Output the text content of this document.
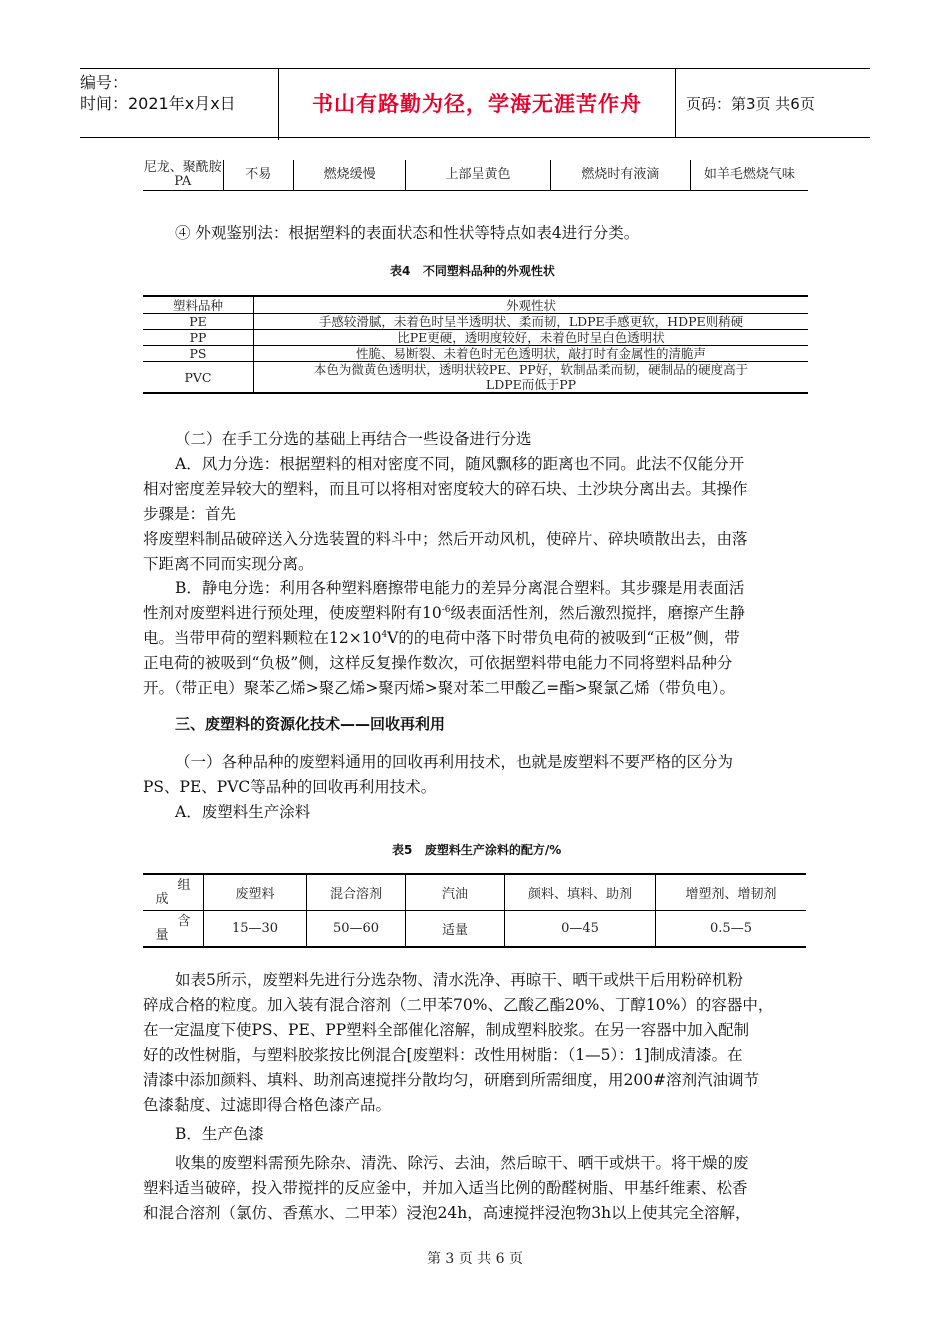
编号：
时间：2021年x月x日	书山有路勤为径，学海无涯苦作舟	页码：第3页 共6页
尼龙、聚酰胺PA	不易	燃烧缓慢	上部呈黄色	燃烧时有液滴	如羊毛燃烧气味
④ 外观鉴别法：根据塑料的表面状态和性状等特点如表4进行分类。
表4 不同塑料品种的外观性状
塑料品种	外观性状
PE	手感较滑腻，未着色时呈半透明状、柔而韧，LDPE手感更软，HDPE则稍硬
PP	比PE更硬，透明度较好，未着色时呈白色透明状
PS	性脆、易断裂、未着色时无色透明状，敲打时有金属性的清脆声
PVC	本色为微黄色透明状，透明状较PE、PP好，软制品柔而韧，硬制品的硬度高于
LDPE而低于PP
（二）在手工分选的基础上再结合一些设备进行分选
A．风力分选：根据塑料的相对密度不同，随风飘移的距离也不同。此法不仅能分开
相对密度差异较大的塑料，而且可以将相对密度较大的碎石块、土沙块分离出去。其操作
步骤是：首先
将废塑料制品破碎送入分选装置的料斗中；然后开动风机，使碎片、碎块喷散出去，由落
下距离不同而实现分离。
B．静电分选：利用各种塑料磨擦带电能力的差异分离混合塑料。其步骤是用表面活
性剂对废塑料进行预处理，使废塑料附有$10^{-6}$级表面活性剂，然后激烈搅拌，磨擦产生静
电。当带甲荷的塑料颗粒在$12\times 10^4V$的的电荷中落下时带负电荷的被吸到“正极”侧，带
正电荷的被吸到“负极”侧，这样反复操作数次，可依据塑料带电能力不同将塑料品种分
开。（带正电）聚苯乙烯>聚乙烯>聚丙烯>聚对苯二甲酸乙=酯>聚氯乙烯（带负电）。
三、废塑料的资源化技术——回收再利用
（一）各种品种的废塑料通用的回收再利用技术，也就是废塑料不要严格的区分为
PS、PE、PVC等品种的回收再利用技术。
A．废塑料生产涂料
表5 废塑料生产涂料的配方/%
组
成	废塑料	混合溶剂	汽油	颜料、填料、助剂	增塑剂、增韧剂

含
量	15—30	50—60	适量	0—45	0.5—5
如表5所示，废塑料先进行分选杂物、清水洗净、再晾干、晒干或烘干后用粉碎机粉
碎成合格的粒度。加入装有混合溶剂（二甲苯70%、乙酸乙酯20%、丁醇10%）的容器中，
在一定温度下使PS、PE、PP塑料全部催化溶解，制成塑料胶浆。在另一容器中加入配制
好的改性树脂，与塑料胶浆按比例混合[废塑料：改性用树脂：（1—5）：1]制成清漆。在
清漆中添加颜料、填料、助剂高速搅拌分散均匀，研磨到所需细度，用200#溶剂汽油调节
色漆黏度、过滤即得合格色漆产品。
B．生产色漆
收集的废塑料需预先除杂、清洗、除污、去油，然后晾干、晒干或烘干。将干燥的废
塑料适当破碎，投入带搅拌的反应釜中，并加入适当比例的酚醛树脂、甲基纤维素、松香
和混合溶剂（氯仿、香蕉水、二甲苯）浸泡24h，高速搅拌浸泡物3h以上使其完全溶解，
第 3 页 共 6 页
